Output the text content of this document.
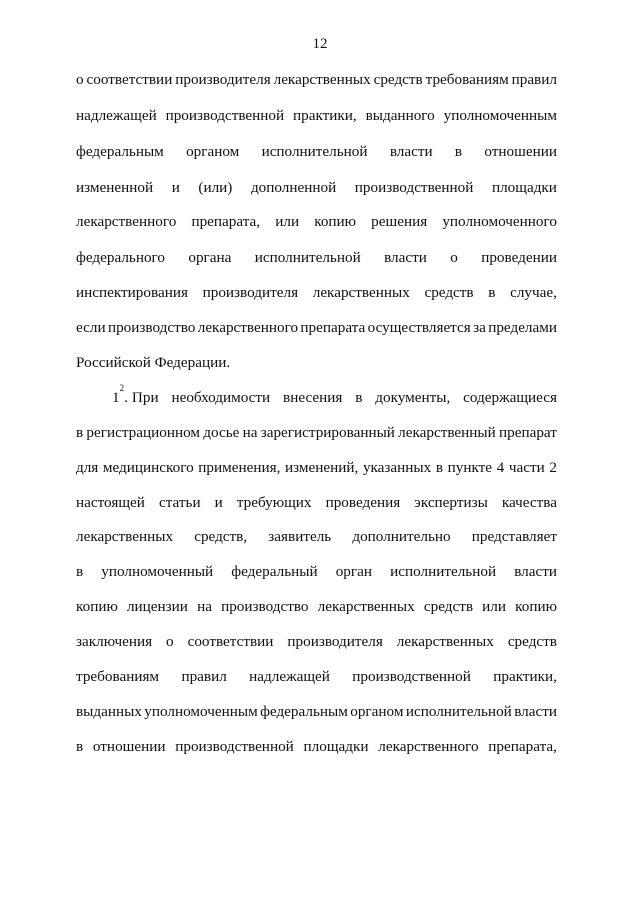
12
о соответствии производителя лекарственных средств требованиям правил
надлежащей производственной практики, выданного уполномоченным
федеральным органом исполнительной власти в отношении
измененной и (или) дополненной производственной площадки
лекарственного препарата, или копию решения уполномоченного
федерального органа исполнительной власти о проведении
инспектирования производителя лекарственных средств в случае,
если производство лекарственного препарата осуществляется за пределами
Российской Федерации.
1
2
. При необходимости внесения в документы, содержащиеся
в регистрационном досье на зарегистрированный лекарственный препарат
для медицинского применения, изменений, указанных в пункте 4 части 2
настоящей статьи и требующих проведения экспертизы качества
лекарственных средств, заявитель дополнительно представляет
в уполномоченный федеральный орган исполнительной власти
копию лицензии на производство лекарственных средств или копию
заключения о соответствии производителя лекарственных средств
требованиям правил надлежащей производственной практики,
выданных уполномоченным федеральным органом исполнительной власти
в отношении производственной площадки лекарственного препарата,
